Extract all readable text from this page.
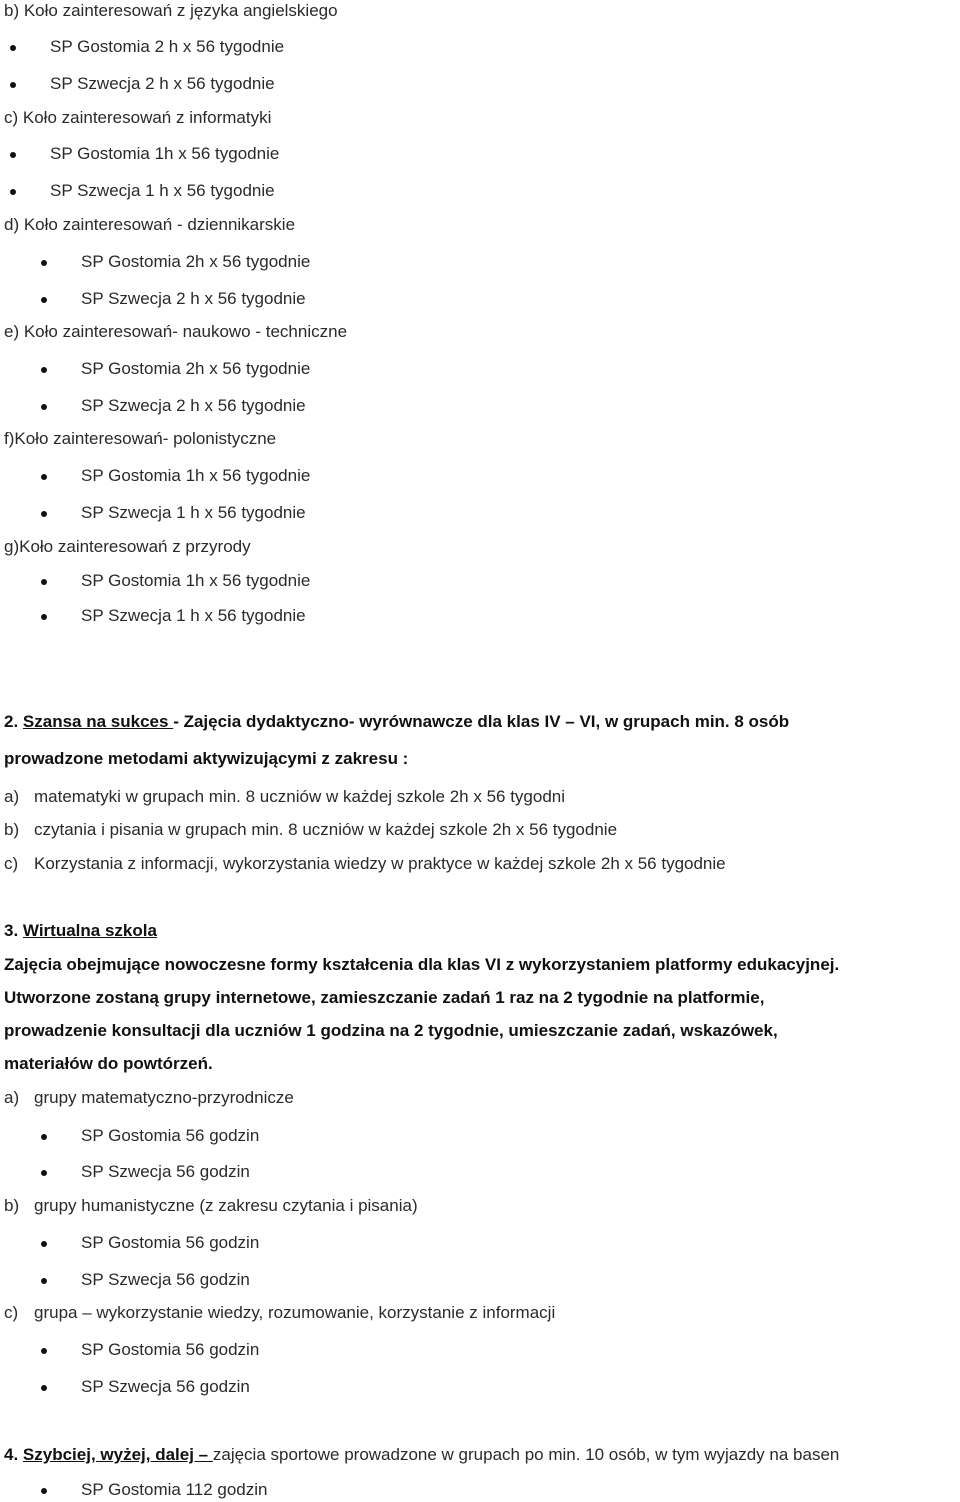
b) Koło zainteresowań z języka angielskiego
SP Gostomia 2 h x 56 tygodnie
SP Szwecja 2 h x 56 tygodnie
c) Koło zainteresowań z informatyki
SP Gostomia 1h x 56 tygodnie
SP Szwecja 1 h x 56 tygodnie
d) Koło zainteresowań - dziennikarskie
SP Gostomia 2h x 56 tygodnie
SP Szwecja 2 h x 56 tygodnie
e) Koło zainteresowań- naukowo - techniczne
SP Gostomia 2h x 56 tygodnie
SP Szwecja 2 h x 56 tygodnie
f)Koło zainteresowań- polonistyczne
SP Gostomia 1h x 56 tygodnie
SP Szwecja 1 h x 56 tygodnie
g)Koło zainteresowań z przyrody
SP Gostomia 1h x 56 tygodnie
SP Szwecja 1 h x 56 tygodnie
2. Szansa na sukces - Zajęcia dydaktyczno- wyrównawcze dla klas IV – VI, w grupach min. 8 osób
prowadzone metodami aktywizującymi z zakresu :
a) matematyki w grupach min. 8 uczniów w każdej szkole 2h x 56 tygodni
b) czytania i pisania w grupach min. 8 uczniów w każdej szkole 2h x 56 tygodnie
c) Korzystania z informacji, wykorzystania wiedzy w praktyce w każdej szkole 2h x 56 tygodnie
3. Wirtualna szkola
Zajęcia obejmujące nowoczesne formy kształcenia dla klas VI z wykorzystaniem platformy edukacyjnej.
Utworzone zostaną grupy internetowe, zamieszczanie zadań 1 raz na 2 tygodnie na platformie,
prowadzenie konsultacji dla uczniów 1 godzina na 2 tygodnie, umieszczanie zadań, wskazówek,
materiałów do powtórzeń.
a) grupy matematyczno-przyrodnicze
SP Gostomia 56 godzin
SP Szwecja 56 godzin
b) grupy humanistyczne (z zakresu czytania i pisania)
SP Gostomia 56 godzin
SP Szwecja 56 godzin
c) grupa – wykorzystanie wiedzy, rozumowanie, korzystanie z informacji
SP Gostomia 56 godzin
SP Szwecja 56 godzin
4. Szybciej, wyżej, dalej – zajęcia sportowe prowadzone w grupach po min. 10 osób, w tym wyjazdy na basen
SP Gostomia 112 godzin
